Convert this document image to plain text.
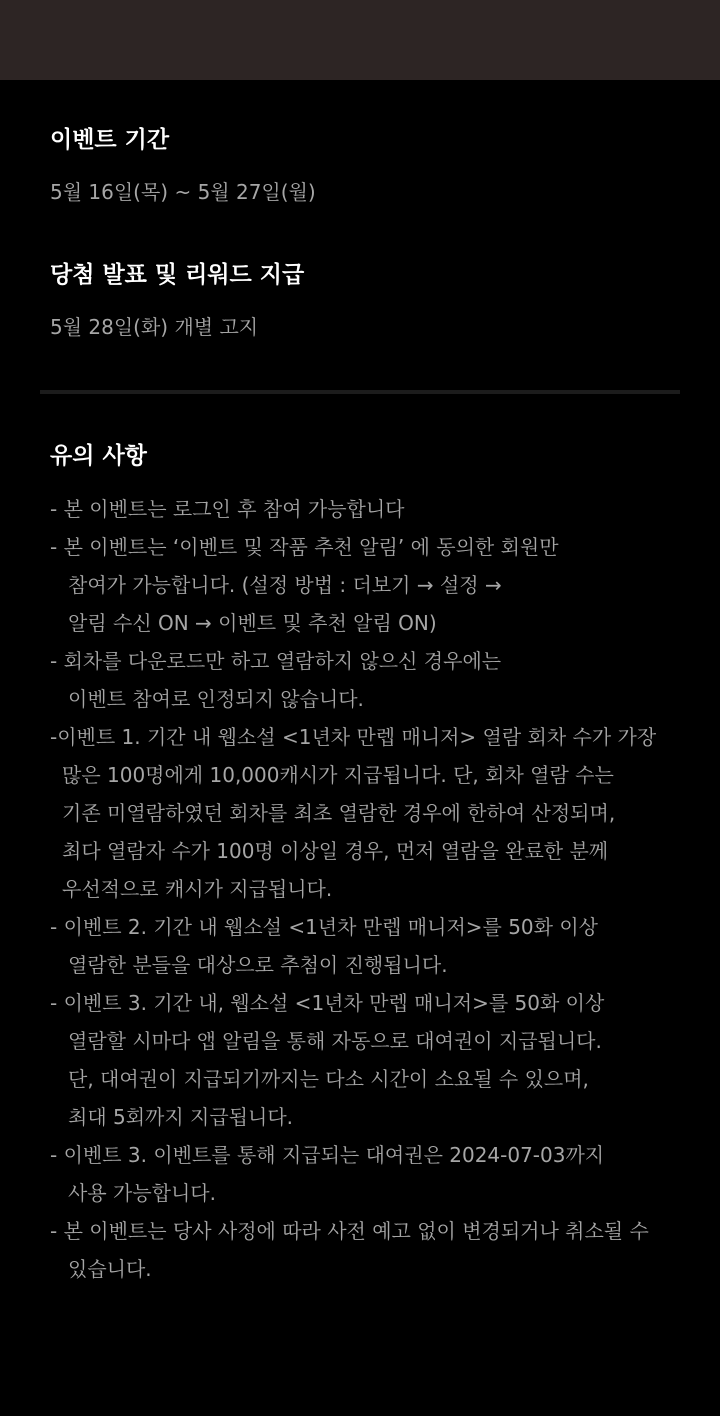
이벤트 기간

5월 16일(목) ~ 5월 27일(월)

당첨 발표 및 리워드 지급

5월 28일(화) 개별 고지

유의 사항

- 본 이벤트는 로그인 후 참여 가능합니다
- 본 이벤트는 ‘이벤트 및 작품 추천 알림’ 에 동의한 회원만
참여가 가능합니다. (설정 방법 : 더보기 → 설정 →
알림 수신 ON → 이벤트 및 추천 알림 ON)
- 회차를 다운로드만 하고 열람하지 않으신 경우에는
이벤트 참여로 인정되지 않습니다.
-이벤트 1. 기간 내 웹소설 <1년차 만렙 매니저> 열람 회차 수가 가장
많은 100명에게 10,000캐시가 지급됩니다. 단, 회차 열람 수는
기존 미열람하였던 회차를 최초 열람한 경우에 한하여 산정되며,
최다 열람자 수가 100명 이상일 경우, 먼저 열람을 완료한 분께
우선적으로 캐시가 지급됩니다.
- 이벤트 2. 기간 내 웹소설 <1년차 만렙 매니저>를 50화 이상
열람한 분들을 대상으로 추첨이 진행됩니다.
- 이벤트 3. 기간 내, 웹소설 <1년차 만렙 매니저>를 50화 이상
열람할 시마다 앱 알림을 통해 자동으로 대여권이 지급됩니다.
단, 대여권이 지급되기까지는 다소 시간이 소요될 수 있으며,
최대 5회까지 지급됩니다.
- 이벤트 3. 이벤트를 통해 지급되는 대여권은 2024-07-03까지
사용 가능합니다.
- 본 이벤트는 당사 사정에 따라 사전 예고 없이 변경되거나 취소될 수
있습니다.
